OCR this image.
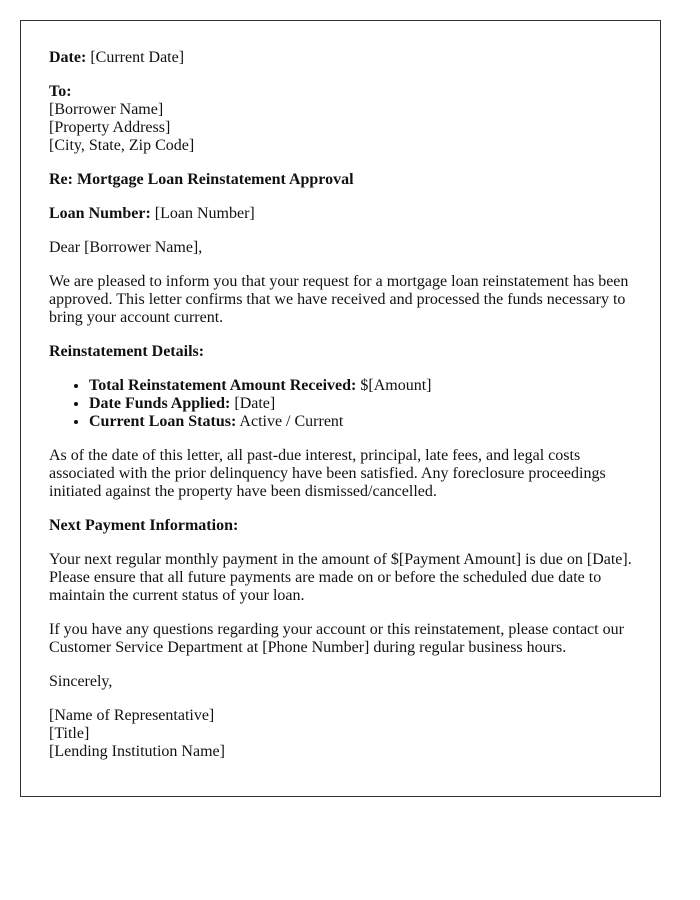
Date: [Current Date]

To:
[Borrower Name]
[Property Address]
[City, State, Zip Code]

Re: Mortgage Loan Reinstatement Approval

Loan Number: [Loan Number]

Dear [Borrower Name],

We are pleased to inform you that your request for a mortgage loan reinstatement has been approved. This letter confirms that we have received and processed the funds necessary to bring your account current.

Reinstatement Details:

• Total Reinstatement Amount Received: $[Amount]
• Date Funds Applied: [Date]
• Current Loan Status: Active / Current

As of the date of this letter, all past-due interest, principal, late fees, and legal costs associated with the prior delinquency have been satisfied. Any foreclosure proceedings initiated against the property have been dismissed/cancelled.

Next Payment Information:

Your next regular monthly payment in the amount of $[Payment Amount] is due on [Date]. Please ensure that all future payments are made on or before the scheduled due date to maintain the current status of your loan.

If you have any questions regarding your account or this reinstatement, please contact our Customer Service Department at [Phone Number] during regular business hours.

Sincerely,

[Name of Representative]
[Title]
[Lending Institution Name]
